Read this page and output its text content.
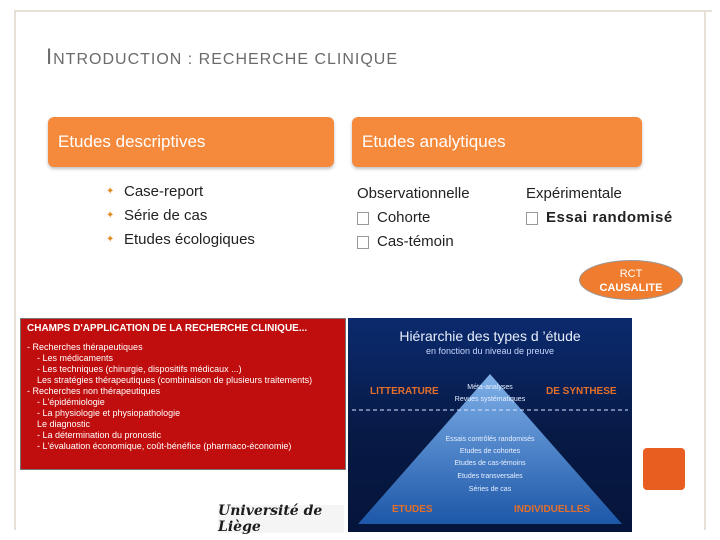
INTRODUCTION : RECHERCHE CLINIQUE
Etudes descriptives	Etudes analytiques
✦ Case-report
✦ Série de cas
✦ Etudes écologiques
Observationnelle
Cohorte
Cas-témoin
Expérimentale
Essai randomisé
RCT
CAUSALITE
CHAMPS D'APPLICATION DE LA RECHERCHE CLINIQUE...
- Recherches thérapeutiques
- Les médicaments
- Les techniques (chirurgie, dispositifs médicaux ...)
Les stratégies thérapeutiques (combinaison de plusieurs traitements)
- Recherches non thérapeutiques
- L'épidémiologie
- La physiologie et physiopathologie
Le diagnostic
- La détermination du pronostic
- L'évaluation économique, coût-bénéfice (pharmaco-économie)
Université de Liège
Hiérarchie des types d ’étude
en fonction du niveau de preuve
LITTERATURE	DE SYNTHESE
Méta-analyses
Revues systématiques
Essais contrôlés randomisés
Etudes de cohortes
Etudes de cas-témoins
Etudes transversales
Séries de cas
ETUDES	INDIVIDUELLES
